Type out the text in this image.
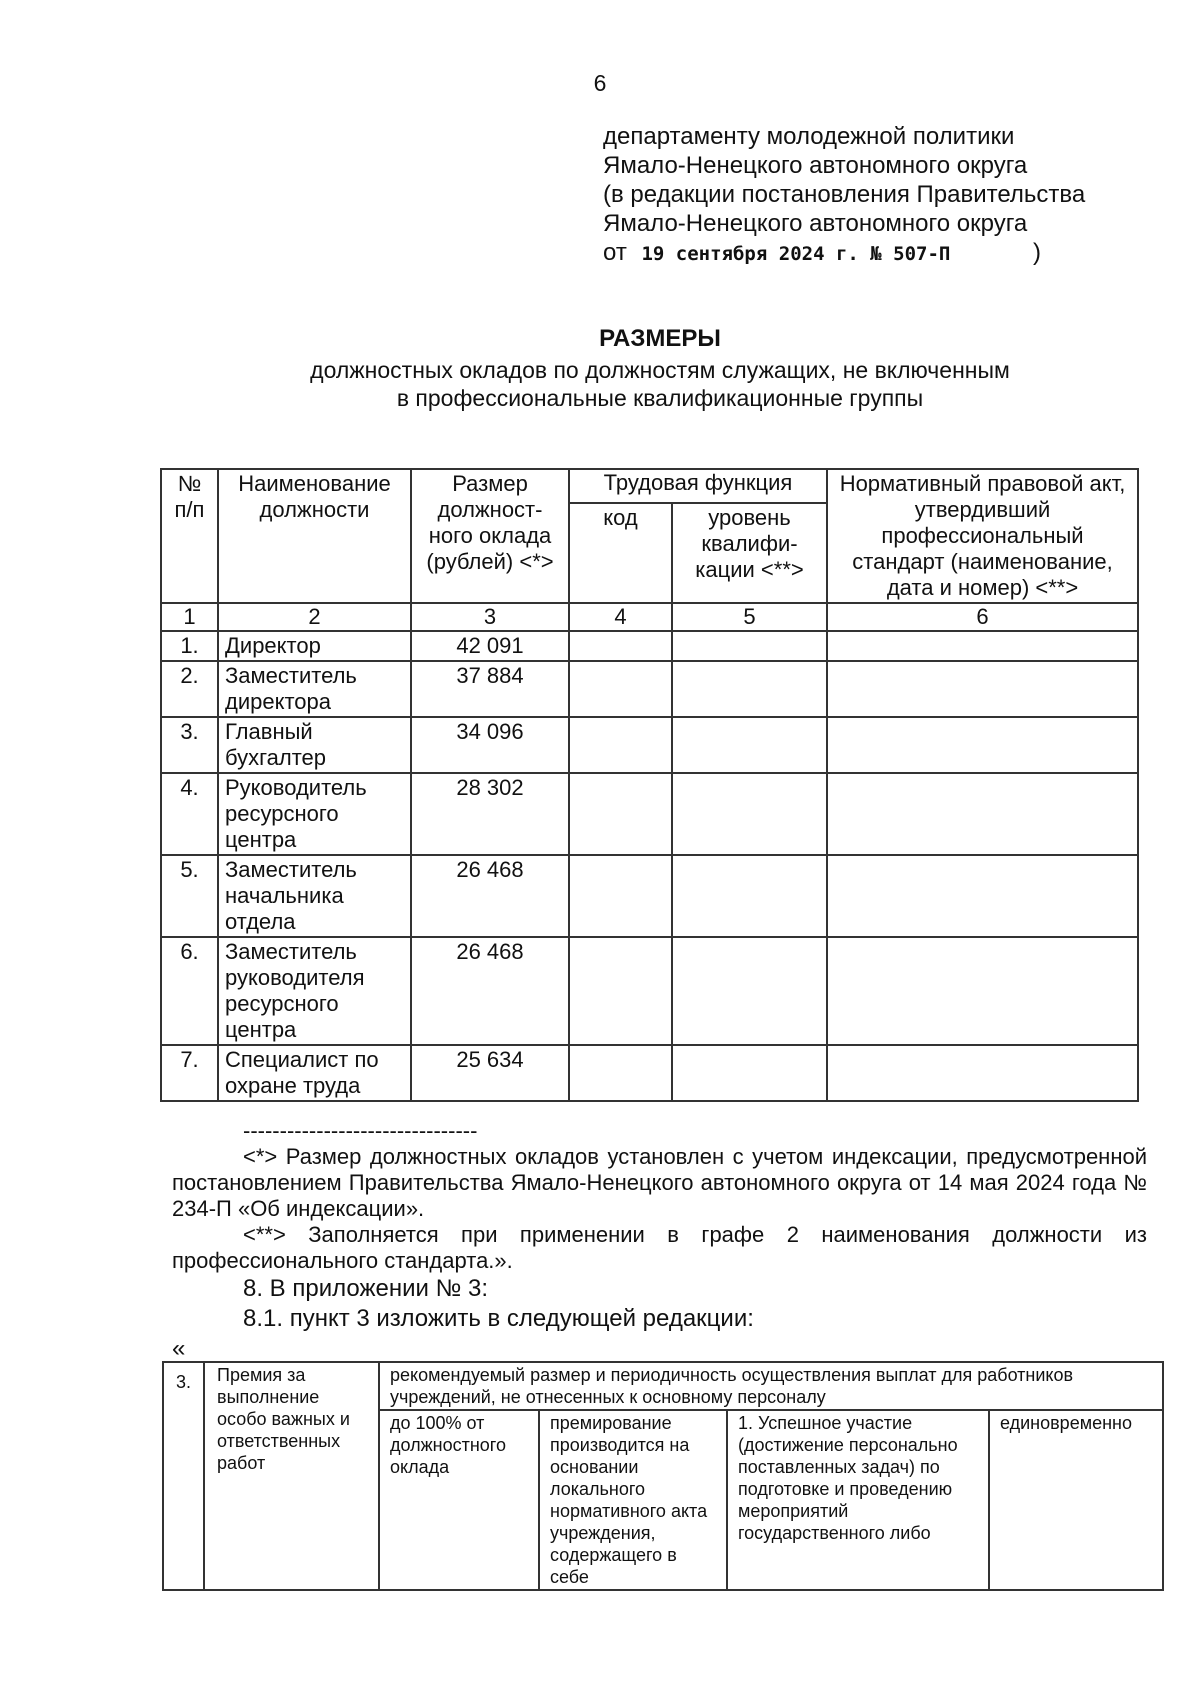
6
департаменту молодежной политики
Ямало-Ненецкого автономного округа
(в редакции постановления Правительства
Ямало-Ненецкого автономного округа
от 19 сентября 2024 г. № 507-П	)
РАЗМЕРЫ
должностных окладов по должностям служащих, не включенным
в профессиональные квалификационные группы
№ п/п	Наименование должности	Размер должност-ного оклада (рублей) <*>	Трудовая функция		Нормативный правовой акт, утвердивший профессиональный стандарт (наименование, дата и номер) <**>
			код	уровень квалифи-кации <**>	
1	2	3	4	5	6
1.	Директор	42 091			
2.	Заместитель директора	37 884			
3.	Главный бухгалтер	34 096			
4.	Руководитель ресурсного центра	28 302			
5.	Заместитель начальника отдела	26 468			
6.	Заместитель руководителя ресурсного центра	26 468			
7.	Специалист по охране труда	25 634			
--------------------------------

<*> Размер должностных окладов установлен с учетом индексации, предусмотренной постановлением Правительства Ямало-Ненецкого автономного округа от 14 мая 2024 года № 234-П «Об индексации».

<**> Заполняется при применении в графе 2 наименования должности из профессионального стандарта.».

8. В приложении № 3:

8.1. пункт 3 изложить в следующей редакции:

«
3.	Премия за выполнение особо важных и ответственных работ	рекомендуемый размер и периодичность осуществления выплат для работников учреждений, не отнесенных к основному персоналу			
		до 100% от должностного оклада	премирование производится на основании локального нормативного акта учреждения, содержащего в себе	1. Успешное участие (достижение персонально поставленных задач) по подготовке и проведению мероприятий государственного либо	единовременно
